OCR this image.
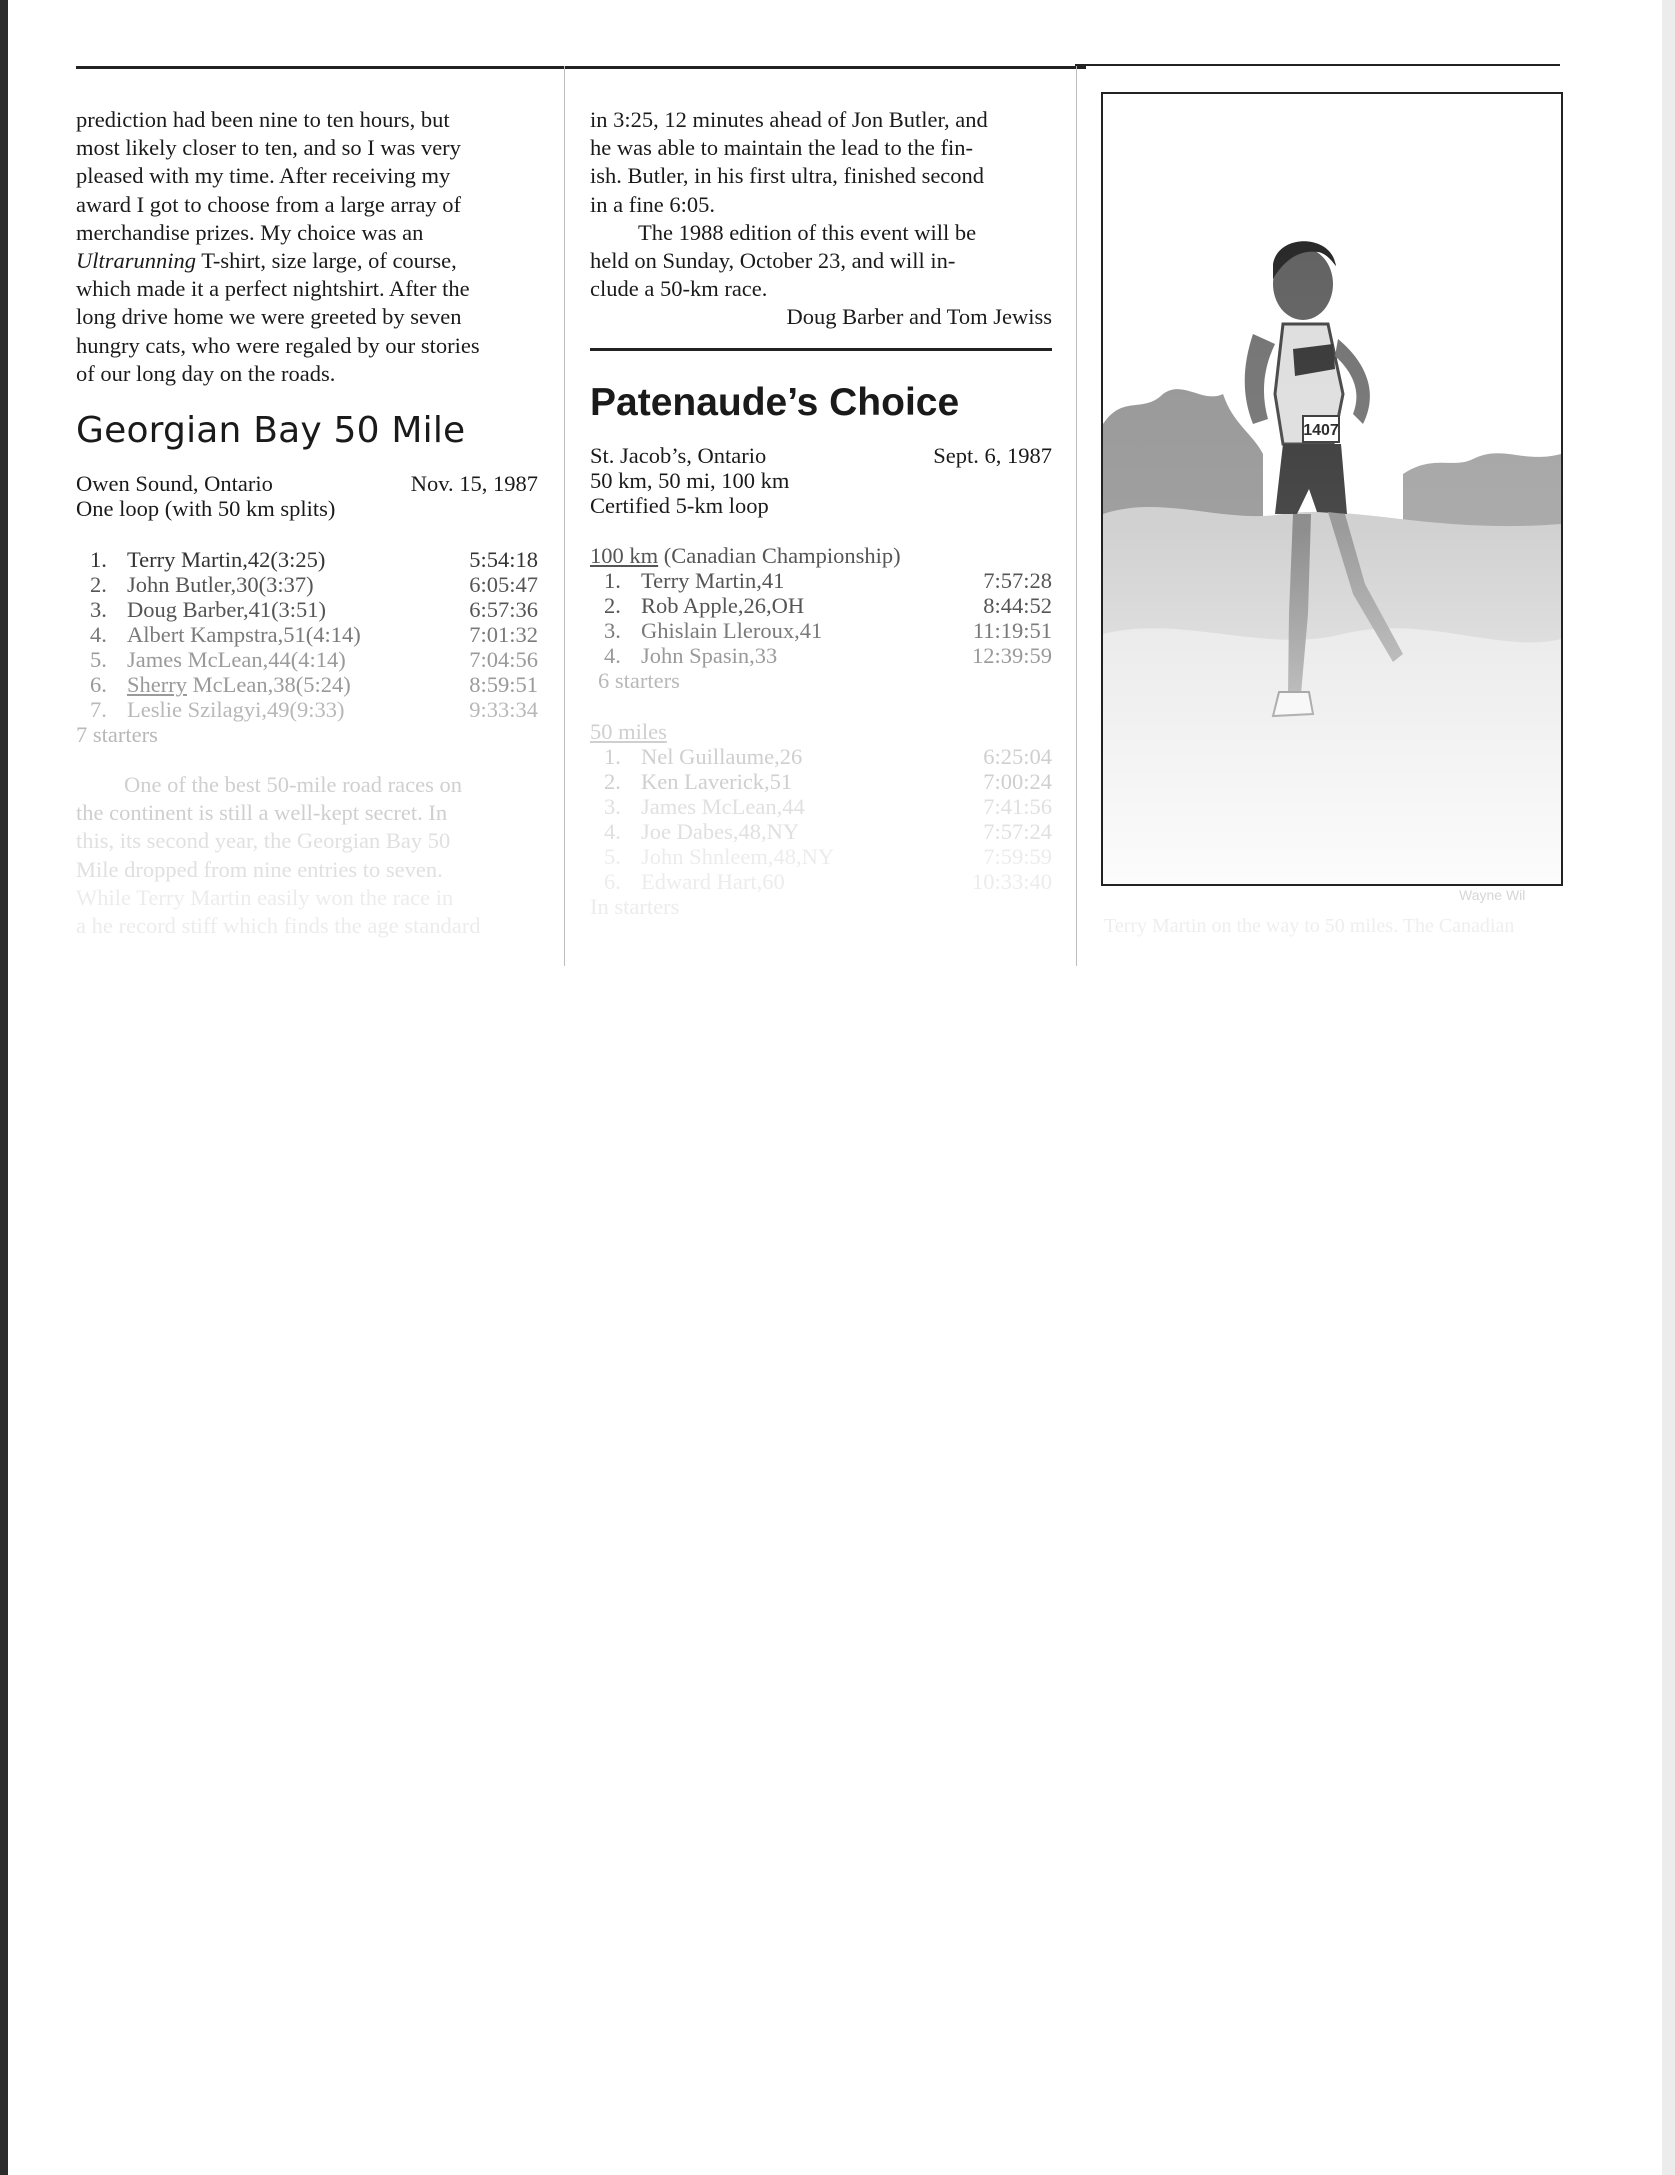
prediction had been nine to ten hours, but
most likely closer to ten, and so I was very
pleased with my time. After receiving my
award I got to choose from a large array of
merchandise prizes. My choice was an
Ultrarunning T-shirt, size large, of course,
which made it a perfect nightshirt. After the
long drive home we were greeted by seven
hungry cats, who were regaled by our stories
of our long day on the roads.

Georgian Bay 50 Mile
Owen Sound, Ontario	Nov. 15, 1987
One loop (with 50 km splits)
1. Terry Martin,42(3:25)	5:54:18
2. John Butler,30(3:37)	6:05:47
3. Doug Barber,41(3:51)	6:57:36
4. Albert Kampstra,51(4:14)	7:01:32
5. James McLean,44(4:14)	7:04:56
6. Sherry McLean,38(5:24)	8:59:51
7. Leslie Szilagyi,49(9:33)	9:33:34
7 starters

One of the best 50-mile road races on
the continent is still a well-kept secret. In
this, its second year, the Georgian Bay 50
Mile dropped from nine entries to seven.
While Terry Martin easily won the race in
a he record stiff which finds the age standard

in 3:25, 12 minutes ahead of Jon Butler, and
he was able to maintain the lead to the fin-
ish. Butler, in his first ultra, finished second
in a fine 6:05.

The 1988 edition of this event will be
held on Sunday, October 23, and will in-
clude a 50-km race.

Doug Barber and Tom Jewiss

Patenaude’s Choice
St. Jacob’s, Ontario	Sept. 6, 1987
50 km, 50 mi, 100 km
Certified 5-km loop
100 km (Canadian Championship)
1. Terry Martin,41	7:57:28
2. Rob Apple,26,OH	8:44:52
3. Ghislain Lleroux,41	11:19:51
4. John Spasin,33	12:39:59
6 starters
50 miles
1. Nel Guillaume,26	6:25:04
2. Ken Laverick,51	7:00:24
3. James McLean,44	7:41:56
4. Joe Dabes,48,NY	7:57:24
5. John Shnleem,48,NY	7:59:59
6. Edward Hart,60	10:33:40
In starters	Wayne Wil
Terry Martin on the way to 50 miles. The Canadian
